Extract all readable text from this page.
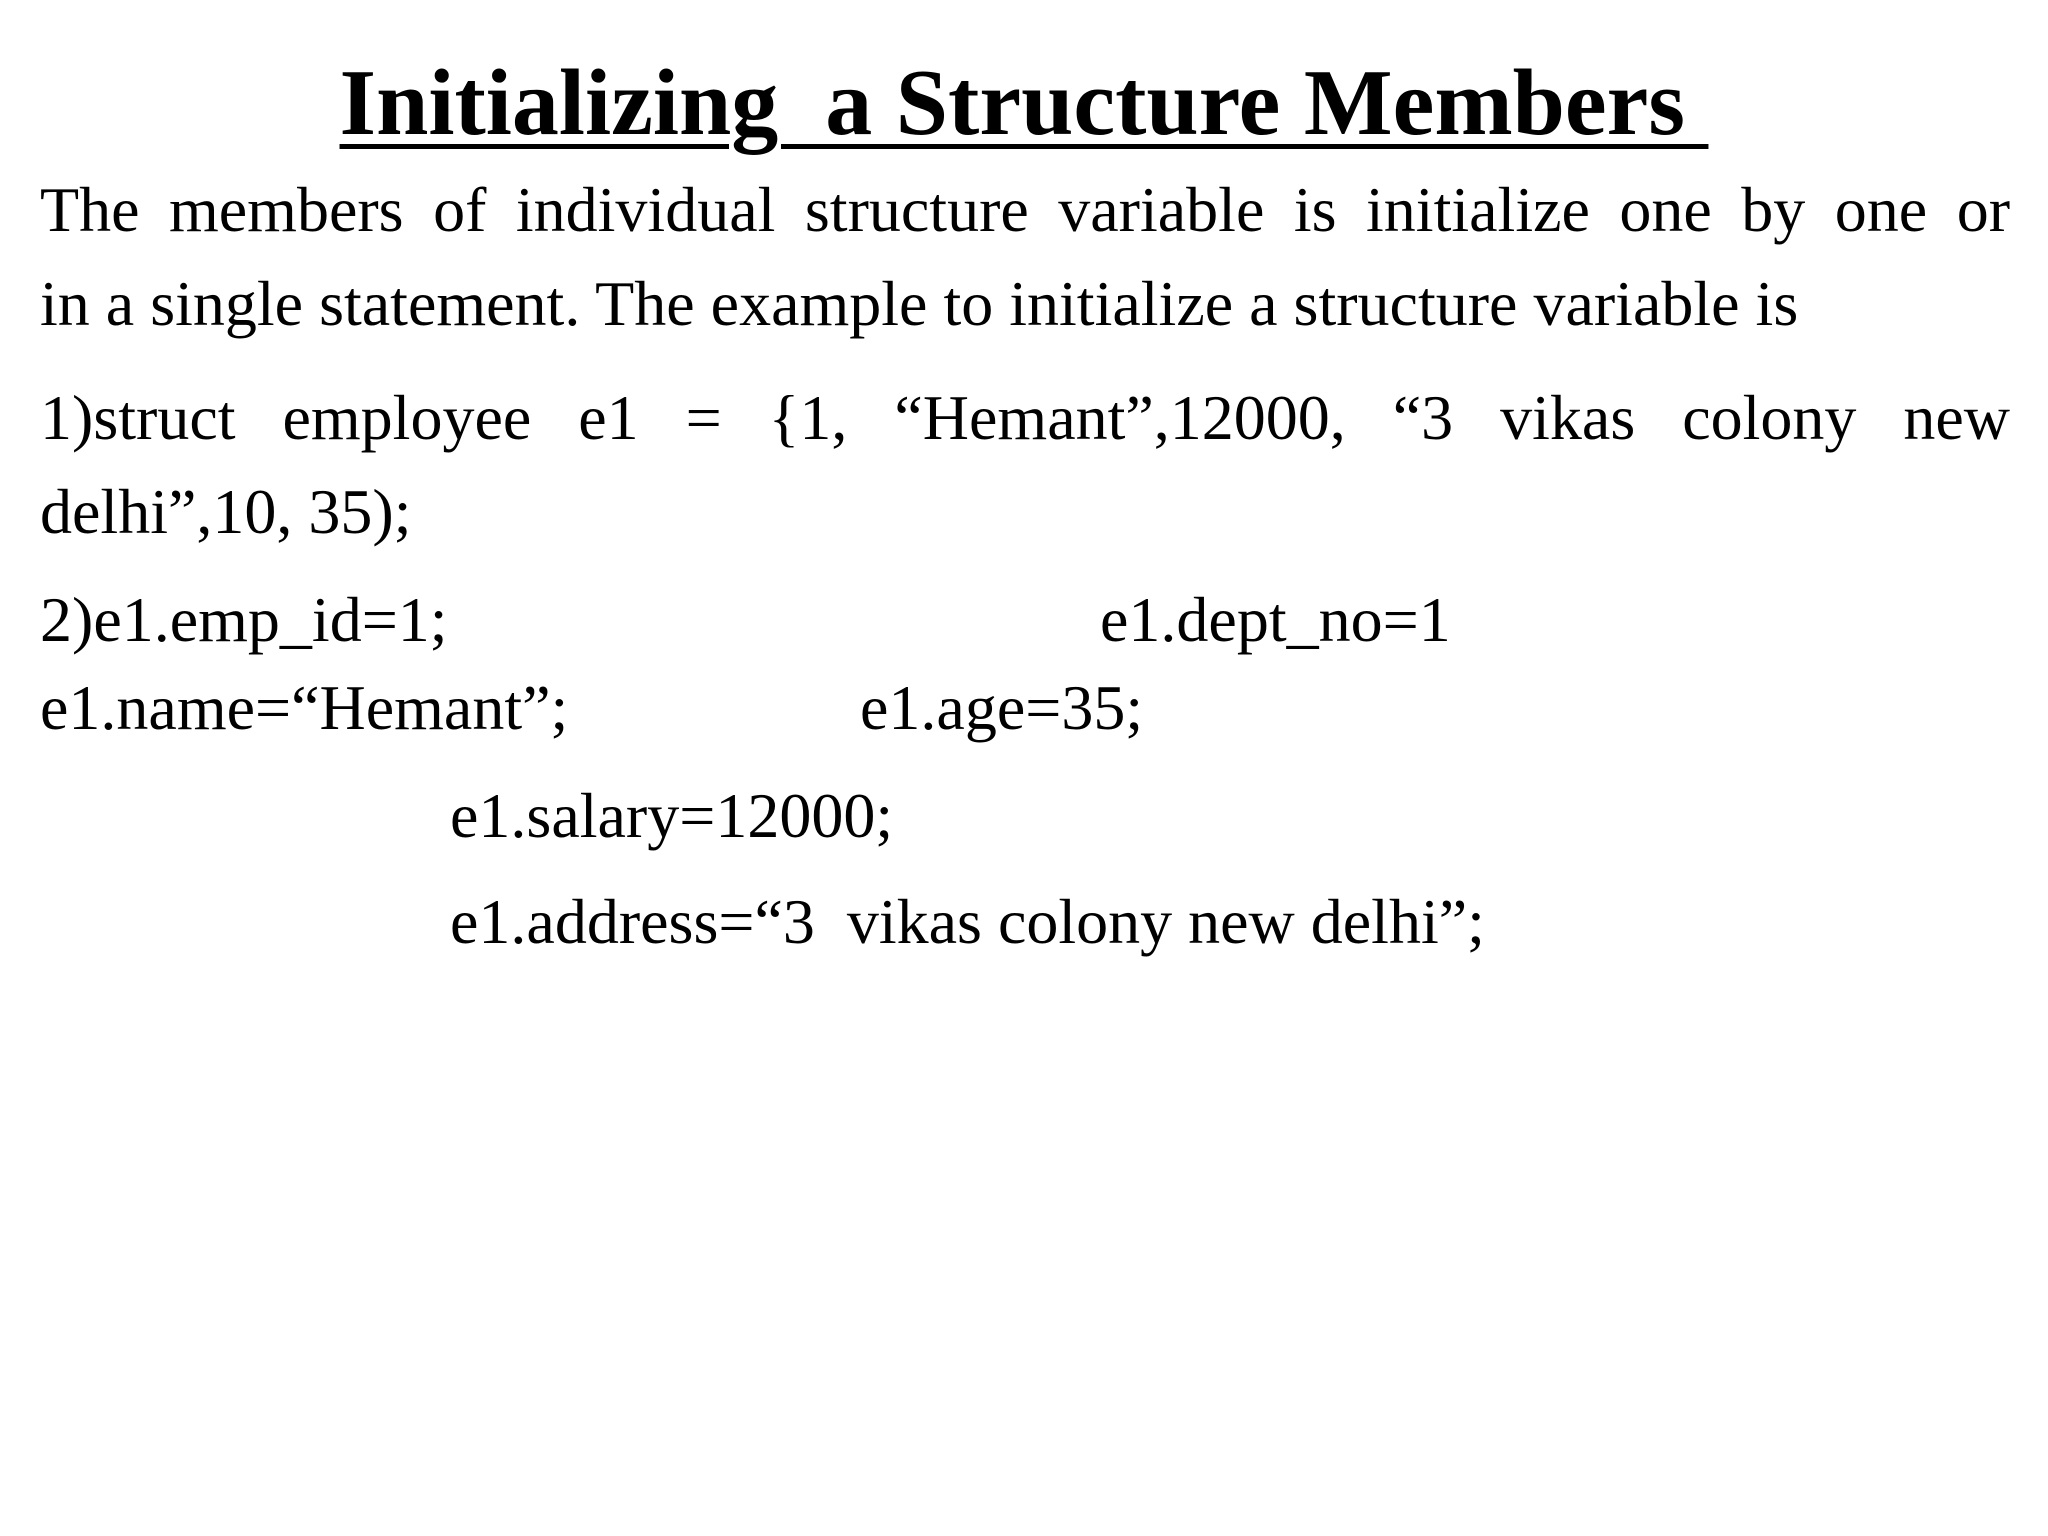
Initializing  a Structure Members
The members of individual structure variable is initialize one by one or
in a single statement. The example to initialize a structure variable is
1)struct employee e1 = {1, “Hemant”,12000, “3 vikas colony new
delhi”,10, 35);
2)e1.emp_id=1;	e1.dept_no=1
e1.name=“Hemant”;	e1.age=35;
e1.salary=12000;
e1.address=“3  vikas colony new delhi”;
